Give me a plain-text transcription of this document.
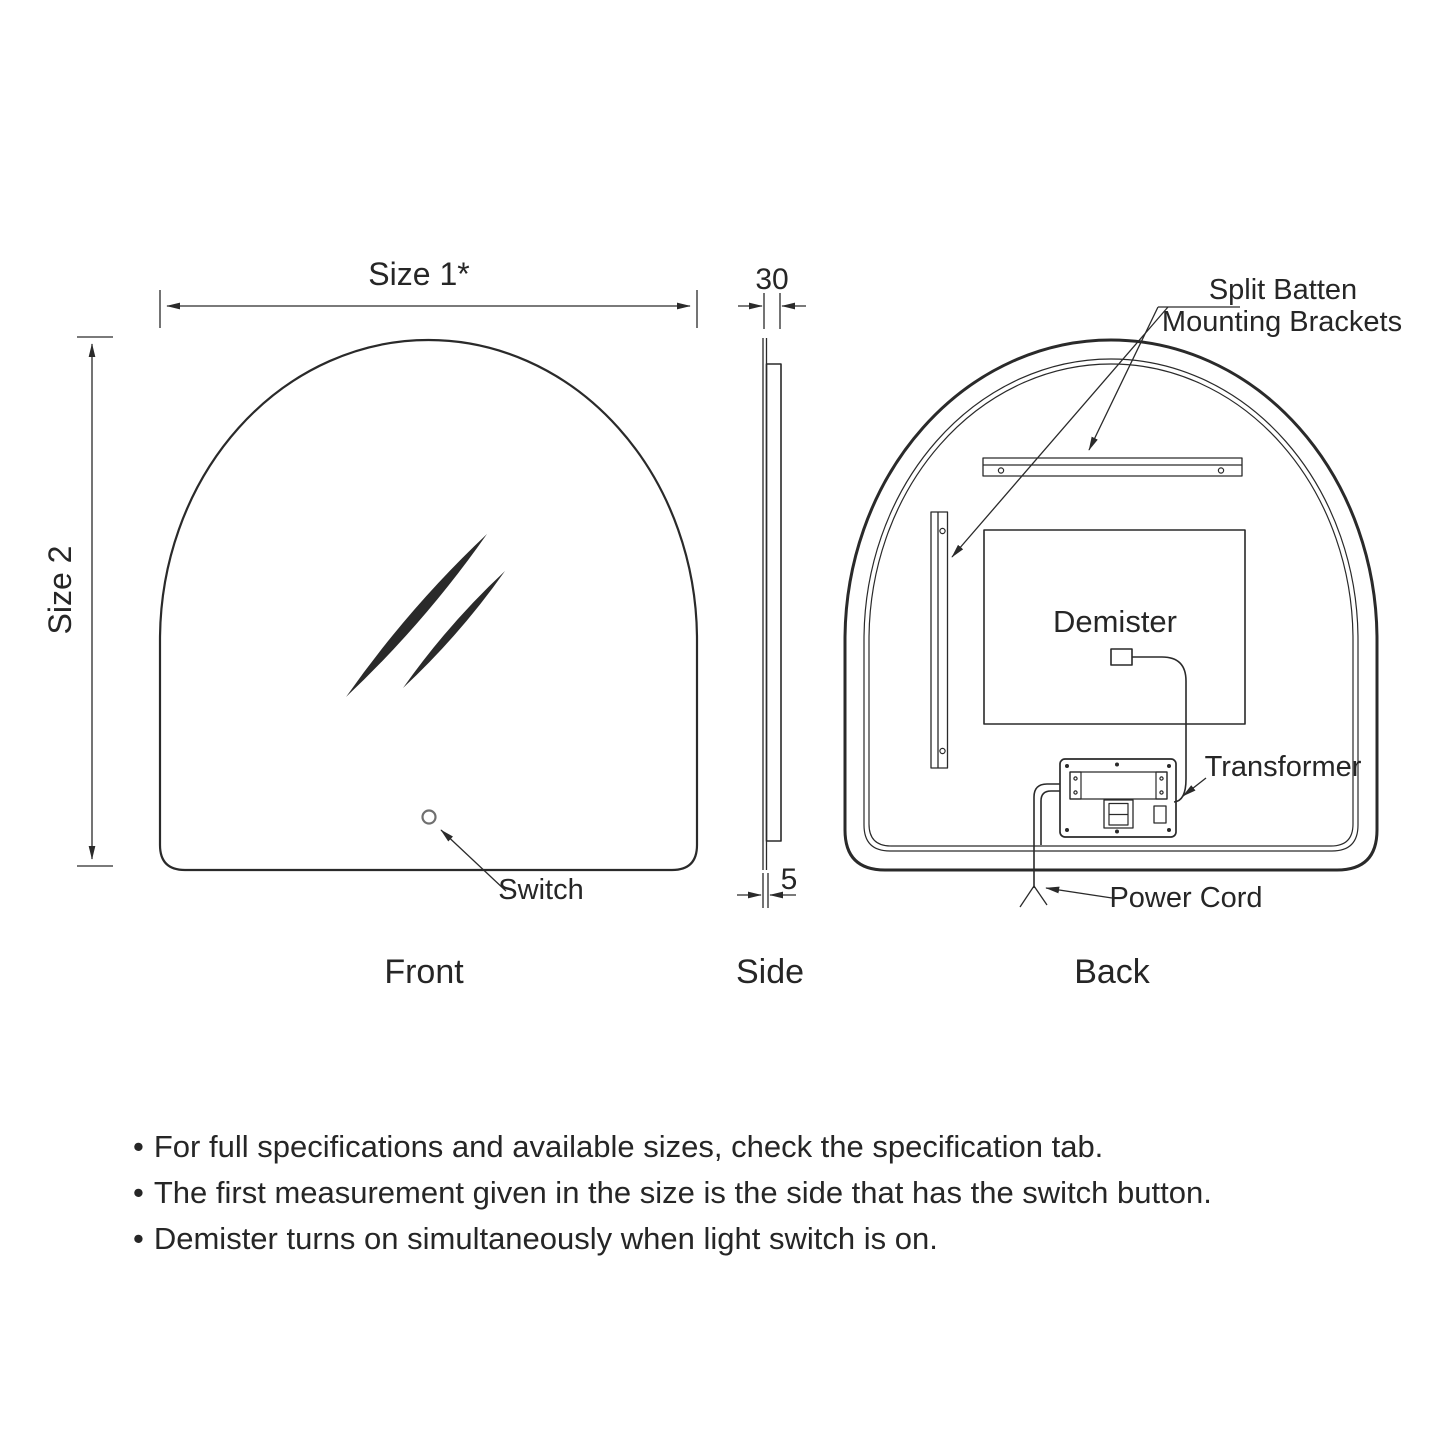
Switch
Front
Size 1*
Size 2
30
5
Side
Demister
Split Batten
Mounting Brackets
Transformer
Power Cord
Back
• For full specifications and available sizes, check the specification tab.
• The first measurement given in the size is the side that has the switch button.
• Demister turns on simultaneously when light switch is on.
